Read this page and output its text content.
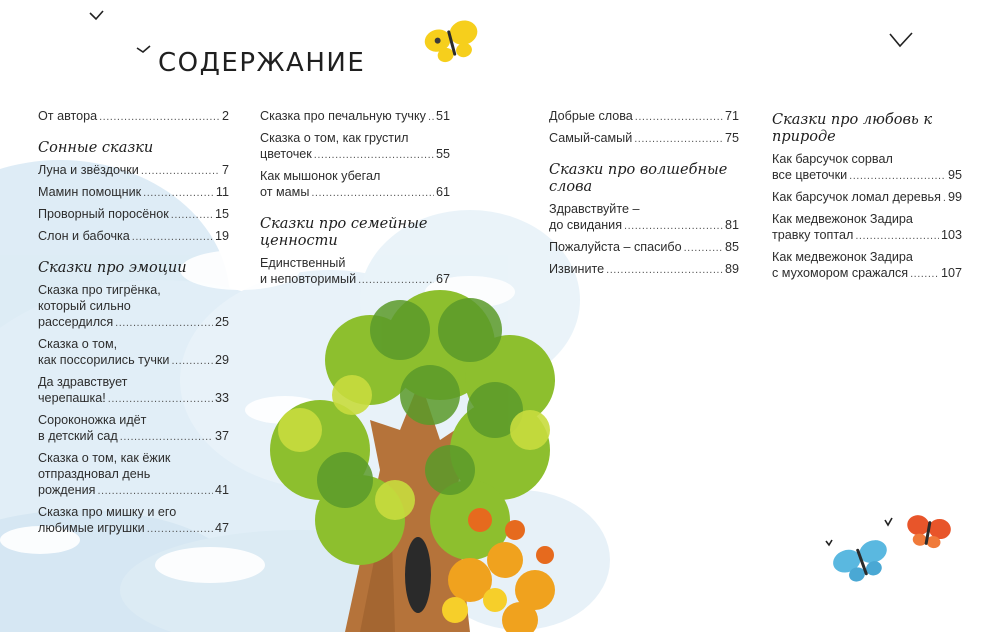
СОДЕРЖАНИЕ
От автора .....	2
Сонные сказки
Луна и звёздочки .....	7
Мамин помощник .....	11
Проворный поросёнок .....	15
Слон и бабочка .....	19
Сказки про эмоции
Сказка про тигрёнка,
который сильно
рассердился .....	25
Сказка о том,
как поссорились тучки .....	29
Да здравствует
черепашка! .....	33
Сороконожка идёт
в детский сад .....	37
Сказка о том, как ёжик
отпраздновал день
рождения .....	41
Сказка про мишку и его
любимые игрушки .....	47
Сказка про печальную тучку ..... 51
Сказка о том, как грустил
цветочек .....	55
Как мышонок убегал
от мамы .....	61
Сказки про семейные ценности
Единственный
и неповторимый .....	67
Добрые слова .....	71
Самый-самый .....	75
Сказки про волшебные слова
Здравствуйте –
до свидания .....	81
Пожалуйста – спасибо .....	85
Извините .....	89
Сказки про любовь к природе
Как барсучок сорвал
все цветочки .....	95
Как барсучок ломал деревья ..... 99
Как медвежонок Задира
травку топтал .....	103
Как медвежонок Задира
с мухомором сражался .....	107
